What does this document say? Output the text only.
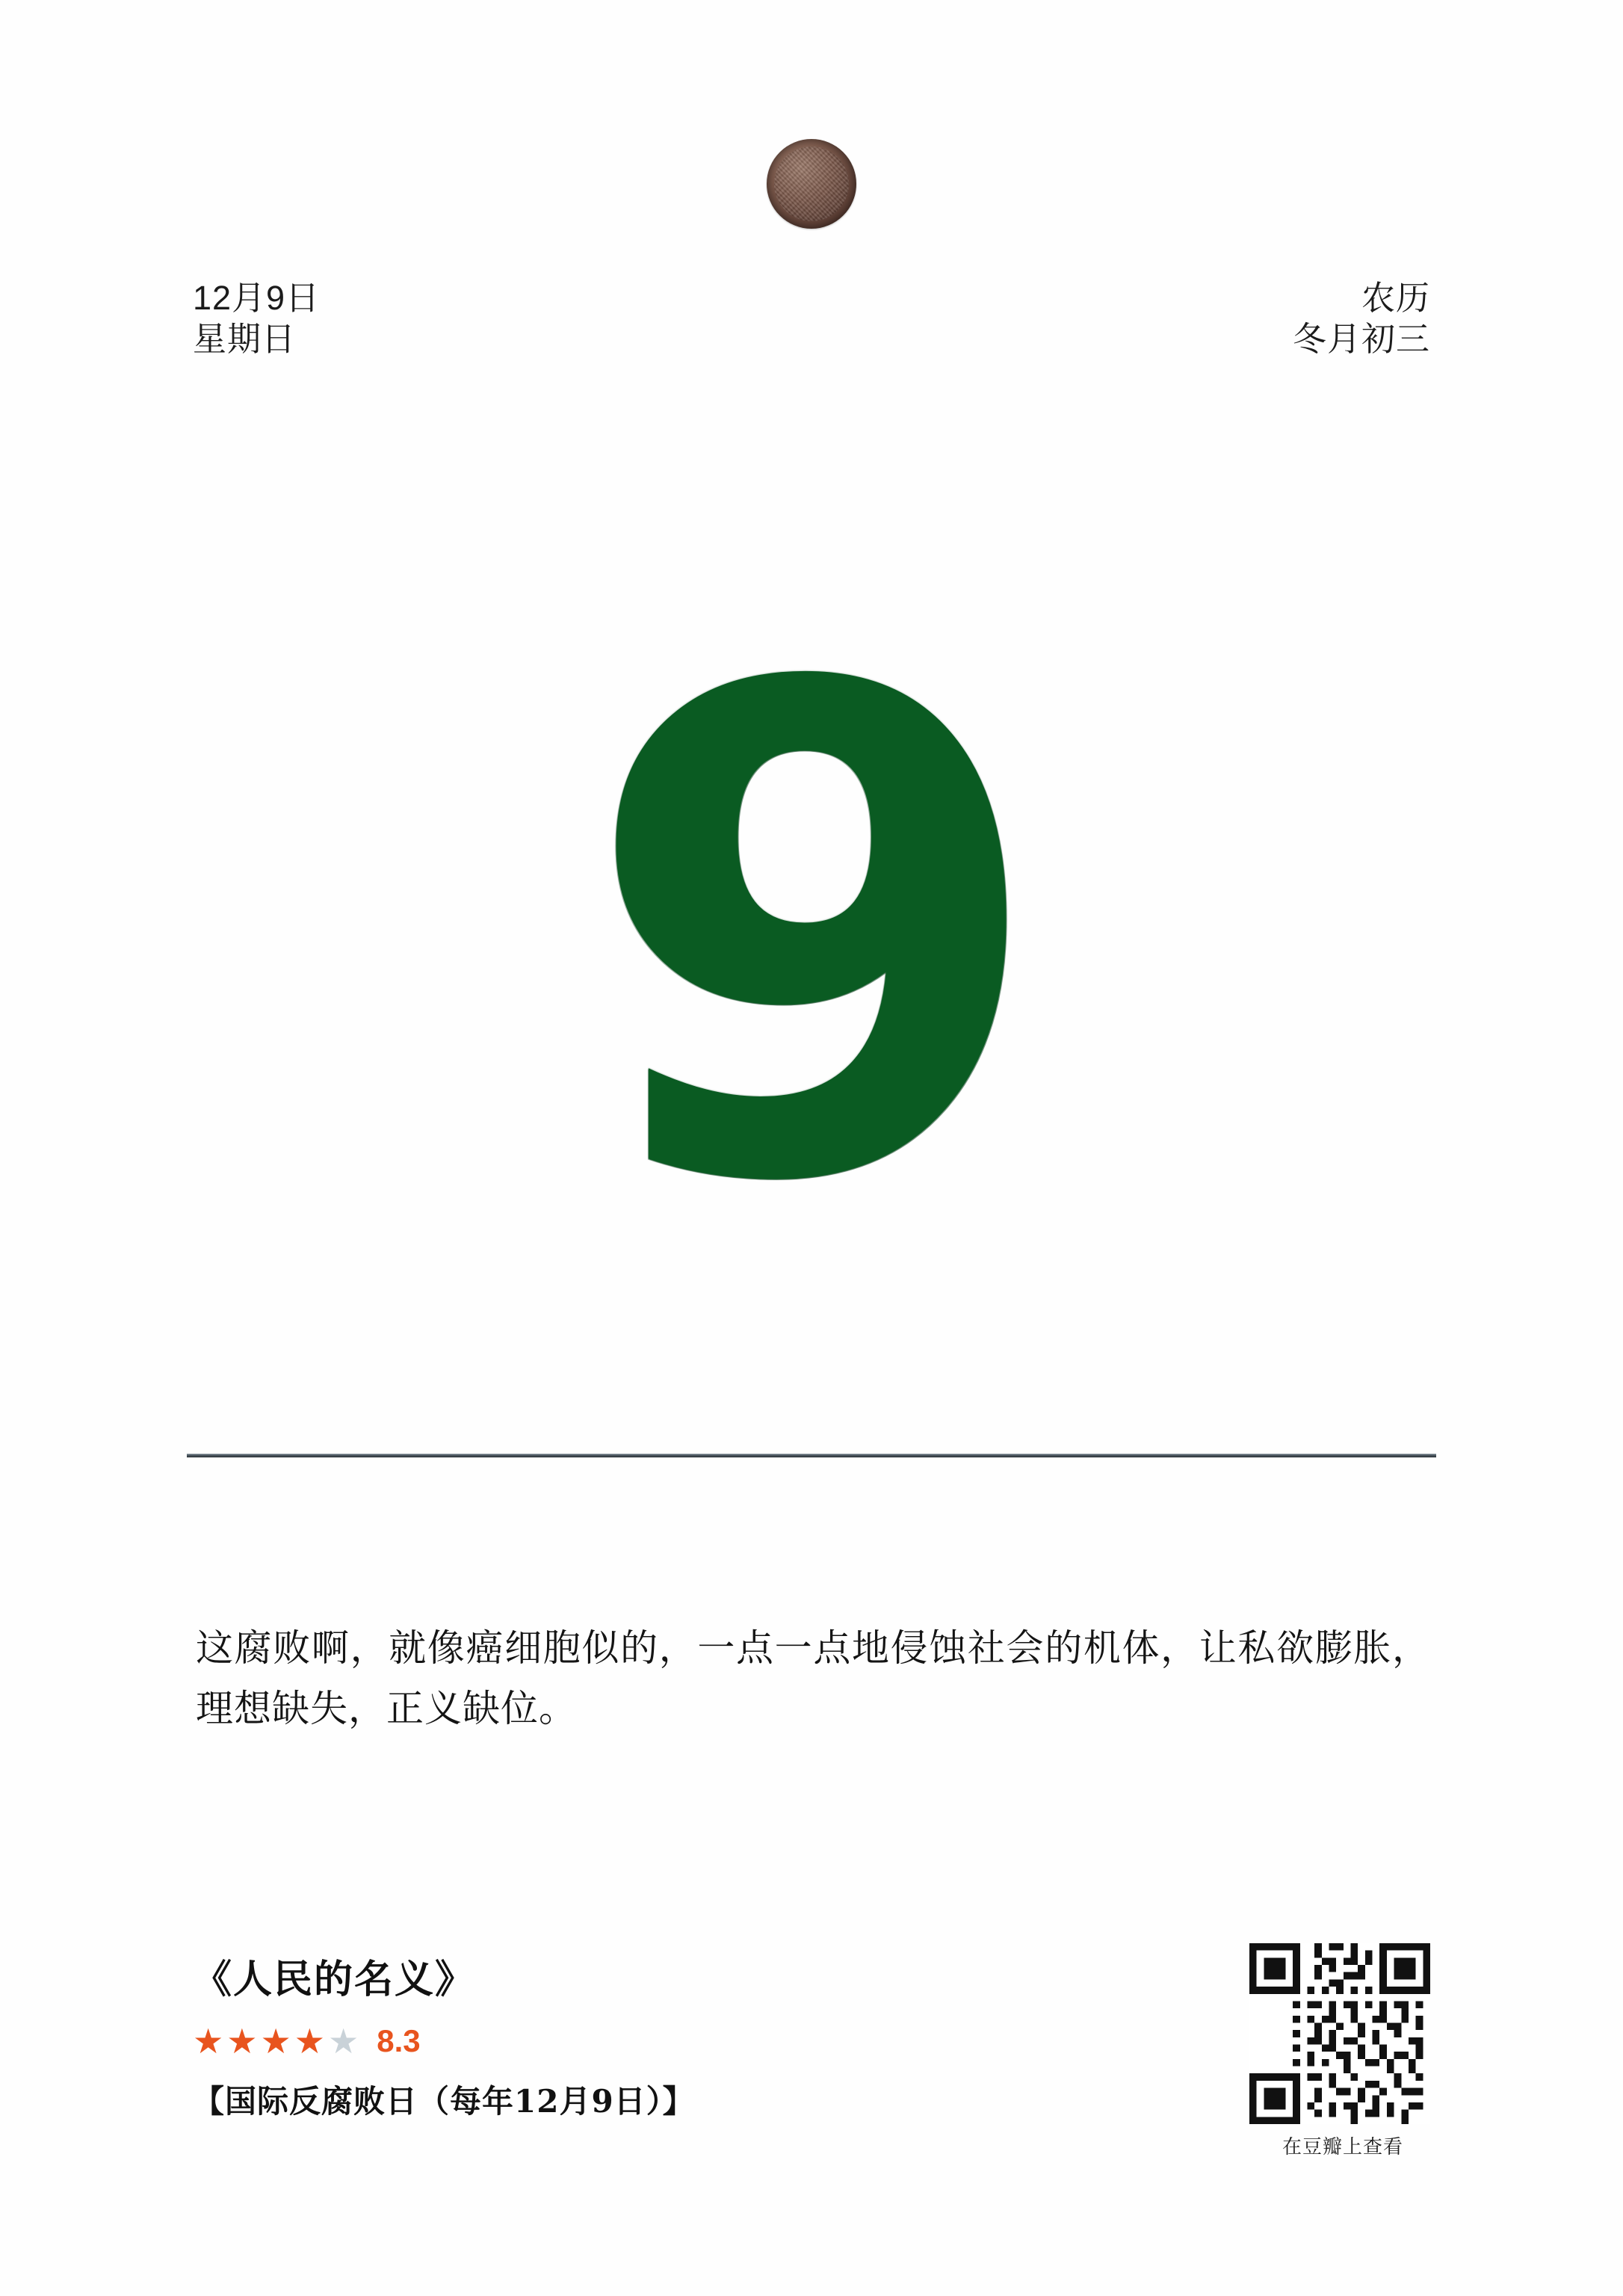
12月9日
星期日
农历
冬月初三
9
这腐败啊，就像癌细胞似的，一点一点地侵蚀社会的机体，让私欲膨胀，理想缺失，正义缺位。
《人民的名义》
★ ★ ★ ★ ★ 8.3
【国际反腐败日（每年12月9日）】
在豆瓣上查看
